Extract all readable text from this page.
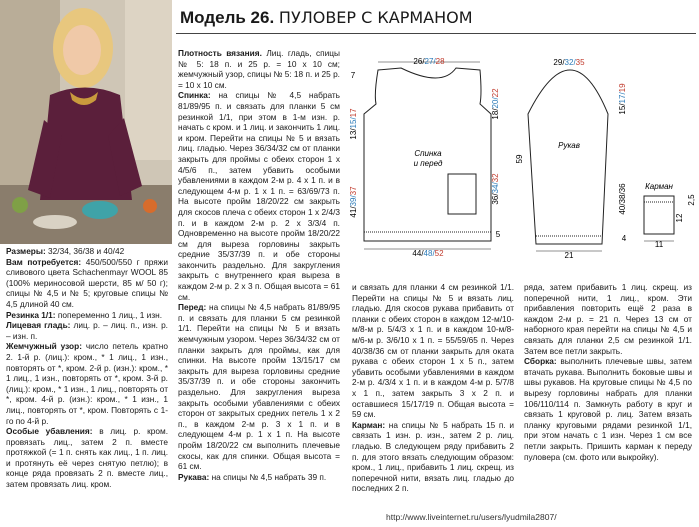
Модель 26. ПУЛОВЕР С КАРМАНОМ
26/27/28
7
13/15/17	18/20/22
41/39/37
36/34/32
59
5
44/48/52
Спинка
и перед
29/32/35
15/17/19
40/38/36
4
21
Рукав
Карман
12
2,5
11

Размеры: 32/34, 36/38 и 40/42

Вам потребуется: 450/500/550 г пряжи сливового цвета Schachenmayr WOOL 85 (100% мериносовой шерсти, 85 м/ 50 г); спицы № 4,5 и № 5; круговые спицы № 4,5 длиной 40 см.

Резинка 1/1: попеременно 1 лиц., 1 изн.

Лицевая гладь: лиц. р. – лиц. п., изн. р. – изн. п.

Жемчужный узор: число петель кратно 2. 1-й р. (лиц.): кром., * 1 лиц., 1 изн., повторять от *, кром. 2-й р. (изн.): кром., * 1 лиц., 1 изн., повторять от *, кром. 3-й р. (лиц.): кром., * 1 изн., 1 лиц., повторять от *, кром. 4-й р. (изн.): кром., * 1 изн., 1 лиц., повторять от *, кром. Повторять с 1-го по 4-й р.

Особые убавления: в лиц. р. кром. провязать лиц., затем 2 п. вместе протяжкой (= 1 п. снять как лиц., 1 п. лиц. и протянуть её через снятую петлю); в конце ряда провязать 2 п. вместе лиц., затем провязать лиц. кром.

Плотность вязания. Лиц. гладь, спицы № 5: 18 п. и 25 р. = 10 х 10 см; жемчужный узор, спицы № 5: 18 п. и 25 р. = 10 х 10 см.

Спинка: на спицы № 4,5 набрать 81/89/95 п. и связать для планки 5 см резинкой 1/1, при этом в 1-м изн. р. начать с кром. и 1 лиц. и закончить 1 лиц. и кром. Перейти на спицы № 5 и вязать лиц. гладью. Через 36/34/32 см от планки закрыть для проймы с обеих сторон 1 х 4/5/6 п., затем убавить особыми убавлениями в каждом 2-м р. 4 х 1 п. и в следующем 4-м р. 1 х 1 п. = 63/69/73 п. На высоте пройм 18/20/22 см закрыть для скосов плеча с обеих сторон 1 х 2/4/3 п. и в каждом 2-м р. 2 х 3/3/4 п. Одновременно на высоте пройм 18/20/22 см для выреза горловины закрыть средние 35/37/39 п. и обе стороны закончить раздельно. Для закругления закрыть с внутреннего края выреза в каждом 2-м р. 2 х 3 п. Общая высота = 61 см.

Перед: на спицы № 4,5 набрать 81/89/95 п. и связать для планки 5 см резинкой 1/1. Перейти на спицы № 5 и вязать жемчужным узором. Через 36/34/32 см от планки закрыть для проймы, как для спинки. На высоте пройм 13/15/17 см закрыть для выреза горловины средние 35/37/39 п. и обе стороны закончить раздельно. Для закругления выреза закрыть особыми убавлениями с обеих сторон от закрытых средних петель 1 х 2 п., в каждом 2-м р. 3 х 1 п. и в следующем 4-м р. 1 х 1 п. На высоте пройм 18/20/22 см выполнить плечевые скосы, как для спинки. Общая высота = 61 см.

Рукава: на спицы № 4,5 набрать 39 п.

и связать для планки 4 см резинкой 1/1. Перейти на спицы № 5 и вязать лиц. гладью. Для скосов рукава прибавить от планки с обеих сторон в каждом 12-м/10-м/8-м р. 5/4/3 х 1 п. и в каждом 10-м/8-м/6-м р. 3/6/10 х 1 п. = 55/59/65 п. Через 40/38/36 см от планки закрыть для оката рукава с обеих сторон 1 х 5 п., затем убавить особыми убавлениями в каждом 2-м р. 4/3/4 х 1 п. и в каждом 4-м р. 5/7/8 х 1 п., затем закрыть 3 х 2 п. и оставшиеся 15/17/19 п. Общая высота = 59 см.

Карман: на спицы № 5 набрать 15 п. и связать 1 изн. р. изн., затем 2 р. лиц. гладью. В следующем ряду прибавить 2 п. для этого вязать следующим образом: кром., 1 лиц., прибавить 1 лиц. скрещ. из поперечной нити, вязать лиц. гладью до последних 2 п.

ряда, затем прибавить 1 лиц. скрещ. из поперечной нити, 1 лиц., кром. Эти прибавления повторить ещё 2 раза в каждом 2-м р. = 21 п. Через 13 см от наборного края перейти на спицы № 4,5 и связать для планки 2,5 см резинкой 1/1. Затем все петли закрыть.

Сборка: выполнить плечевые швы, затем втачать рукава. Выполнить боковые швы и швы рукавов. На круговые спицы № 4,5 по вырезу горловины набрать для планки 106/110/114 п. Замкнуть работу в круг и связать 1 круговой р. лиц. Затем вязать планку круговыми рядами резинкой 1/1, при этом начать с 1 изн. Через 1 см все петли закрыть. Пришить карман к переду пуловера (см. фото или выкройку).

http://www.liveinternet.ru/users/lyudmila2807/
